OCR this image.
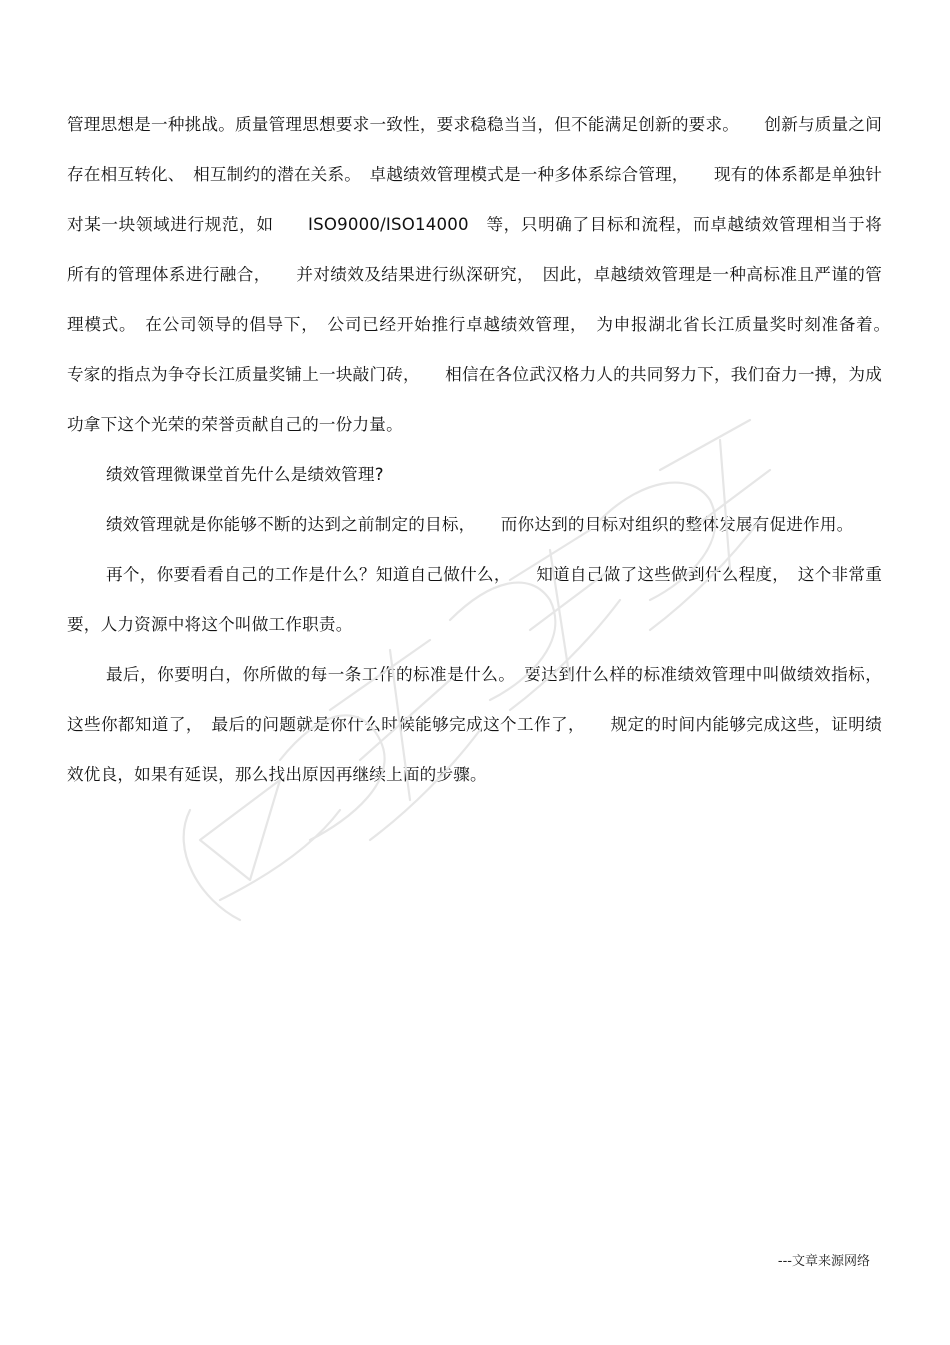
管理思想是一种挑战。质量管理思想要求一致性，要求稳稳当当，但不能满足创新的要求。　　创新与质量之间存在相互转化、　相互制约的潜在关系。　卓越绩效管理模式是一种多体系综合管理，　　现有的体系都是单独针对某一块领域进行规范，如　　ISO9000/ISO14000　等，只明确了目标和流程，而卓越绩效管理相当于将所有的管理体系进行融合，　　并对绩效及结果进行纵深研究，　因此，卓越绩效管理是一种高标准且严谨的管理模式。　在公司领导的倡导下，　公司已经开始推行卓越绩效管理，　为申报湖北省长江质量奖时刻准备着。　专家的指点为争夺长江质量奖铺上一块敲门砖，　　相信在各位武汉格力人的共同努力下，我们奋力一搏，为成功拿下这个光荣的荣誉贡献自己的一份力量。

绩效管理微课堂首先什么是绩效管理?

绩效管理就是你能够不断的达到之前制定的目标，　　而你达到的目标对组织的整体发展有促进作用。

再个，你要看看自己的工作是什么？知道自己做什么，　　知道自己做了这些做到什么程度，　这个非常重要，人力资源中将这个叫做工作职责。

最后，你要明白，你所做的每一条工作的标准是什么。　要达到什么样的标准绩效管理中叫做绩效指标，这些你都知道了，　最后的问题就是你什么时候能够完成这个工作了，　　规定的时间内能够完成这些，证明绩效优良，如果有延误，那么找出原因再继续上面的步骤。

---文章来源网络
